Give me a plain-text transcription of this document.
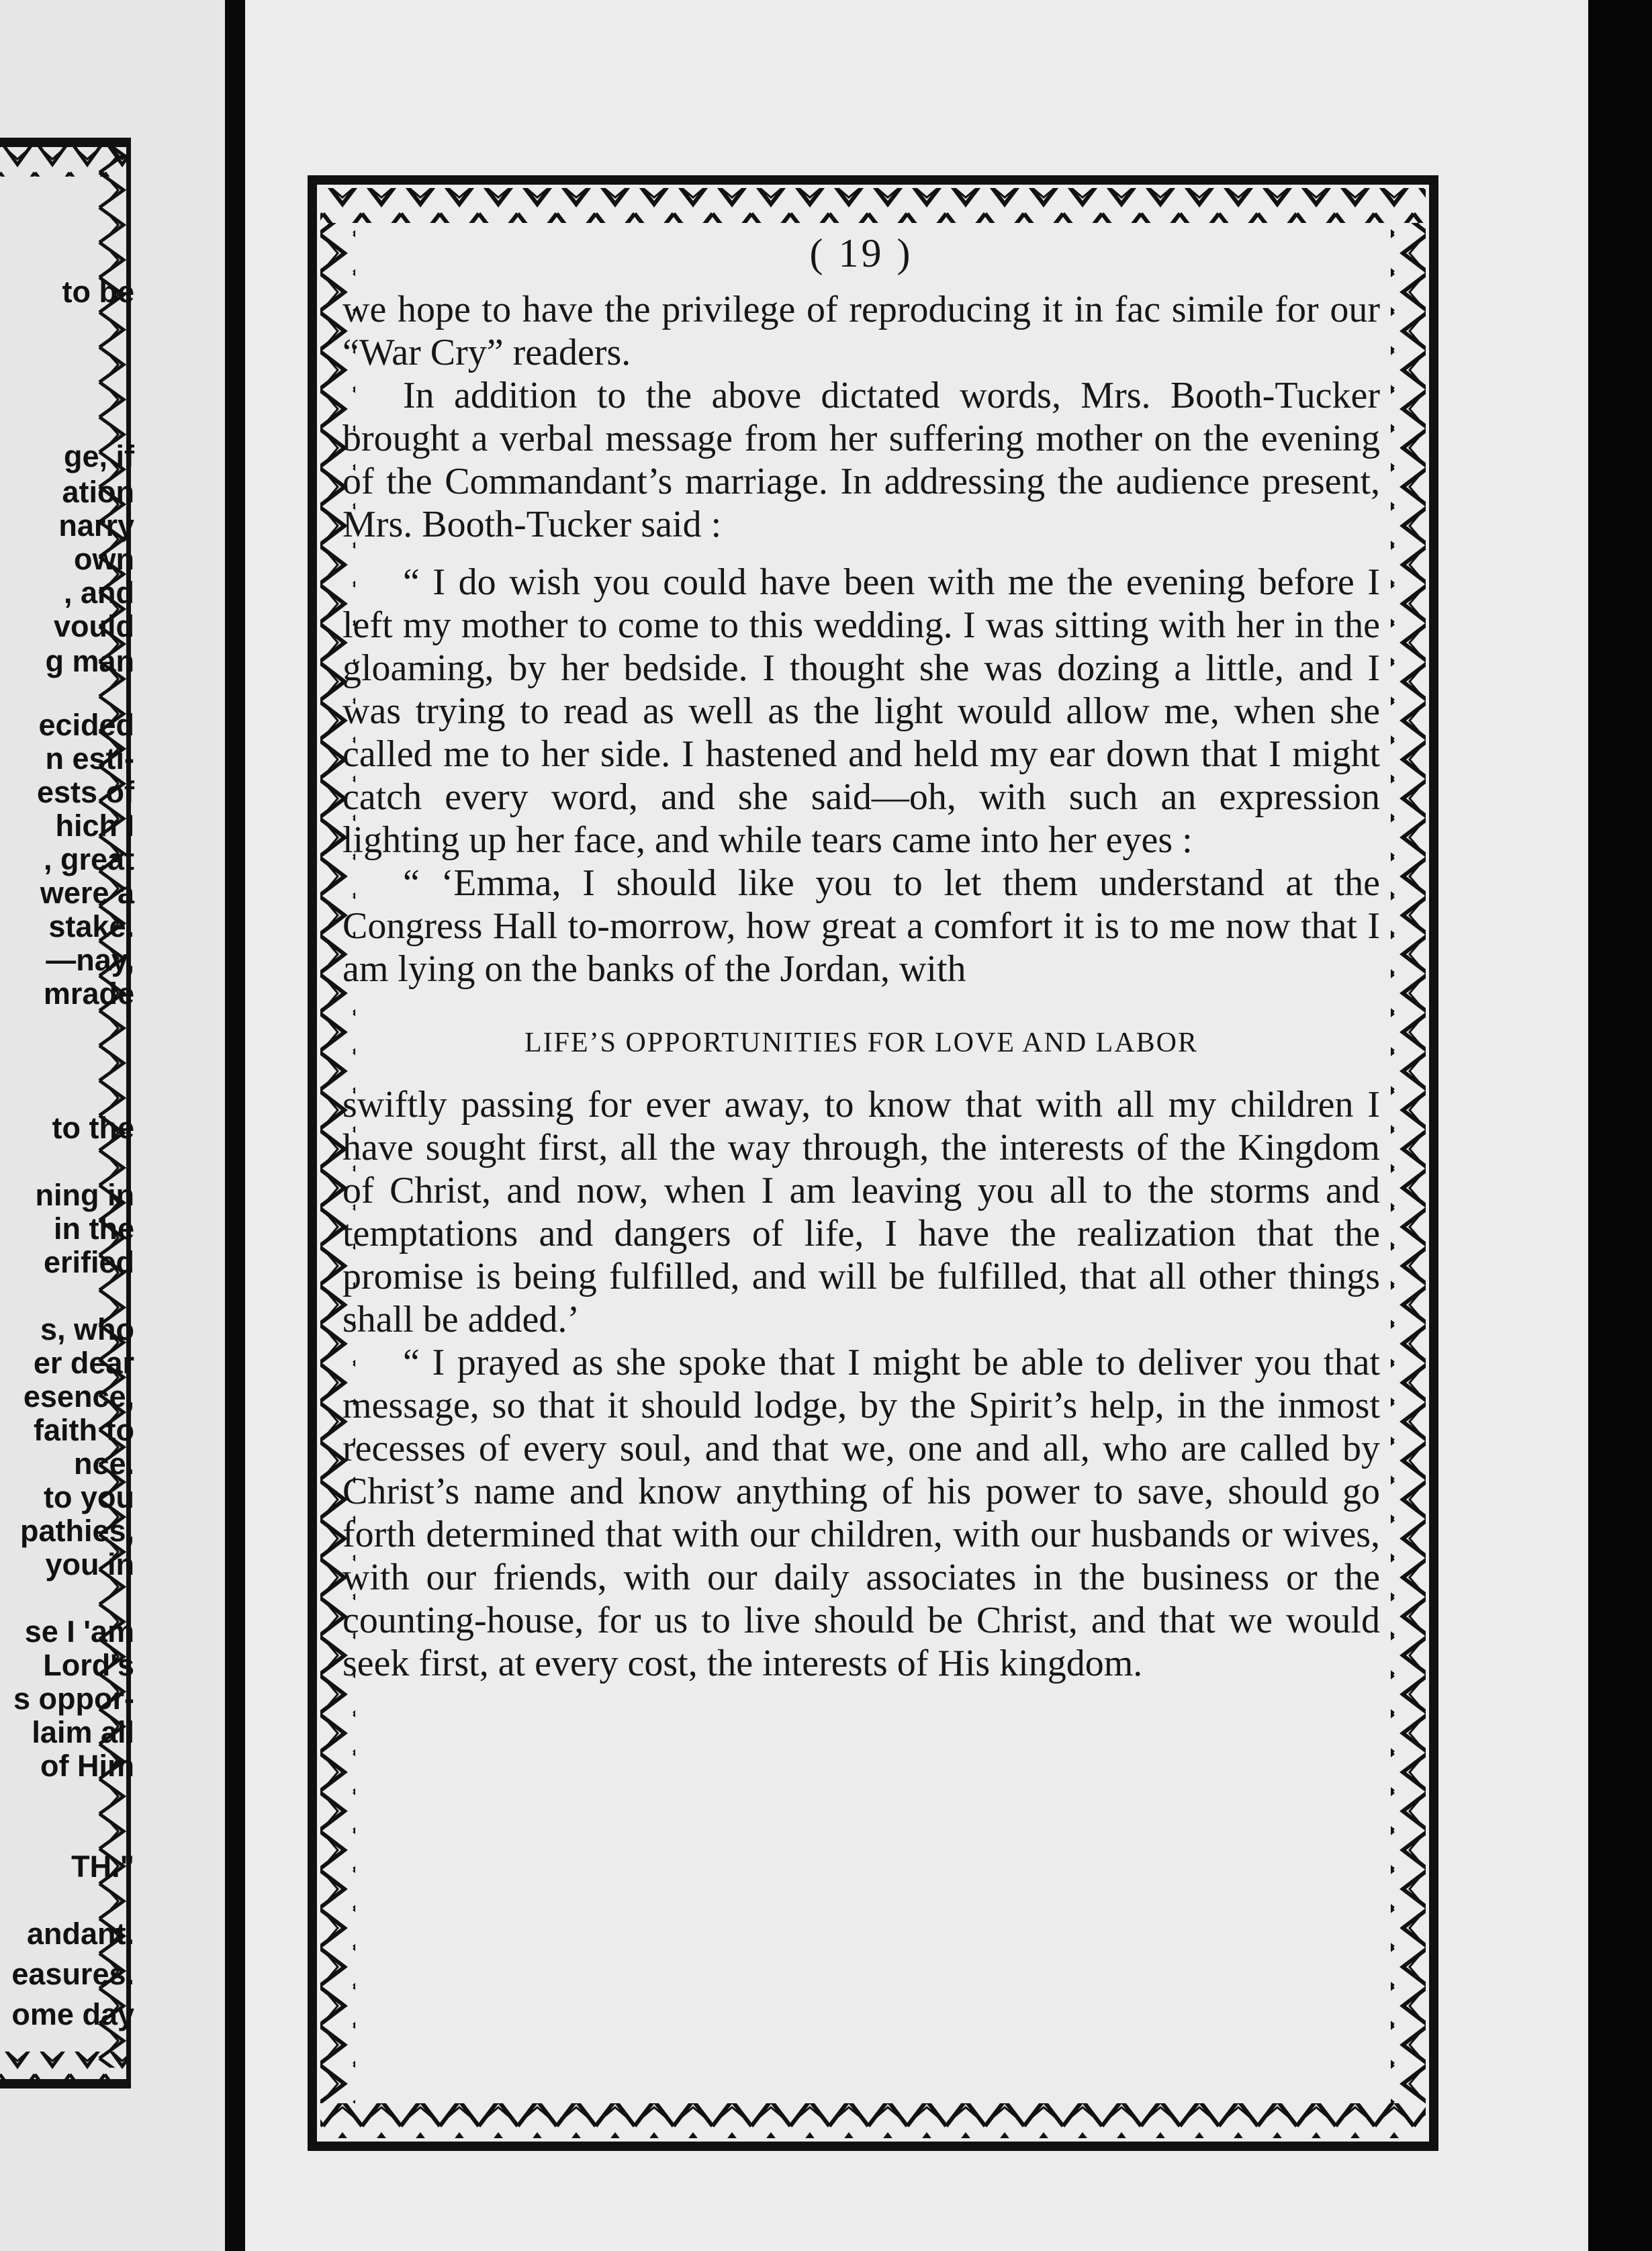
to be
ge, if
ation
narry
own
, and
vould
g man
ecided
n esti-
ests of
hich I
, great
were a
stake.
—nay,
mrade
to the
ning in
in the
erified
s, who
er dear
esence,
faith to
nce.
to you
pathies,
you in
se I 'am
Lord's
s oppor-
laim all
of Him
TH."
andant.
easures.
ome day
( 19 )

we hope to have the privilege of reproducing it in fac simile for our “War Cry” readers.

In addition to the above dictated words, Mrs. Booth-Tucker brought a verbal message from her suffering mother on the evening of the Commandant’s marriage. In addressing the audience present, Mrs. Booth-Tucker said :

“ I do wish you could have been with me the evening before I left my mother to come to this wedding. I was sitting with her in the gloaming, by her bedside. I thought she was dozing a little, and I was trying to read as well as the light would allow me, when she called me to her side. I hastened and held my ear down that I might catch every word, and she said—oh, with such an expression lighting up her face, and while tears came into her eyes :

“ ‘Emma, I should like you to let them understand at the Congress Hall to-morrow, how great a comfort it is to me now that I am lying on the banks of the Jordan, with

LIFE’S OPPORTUNITIES FOR LOVE AND LABOR

swiftly passing for ever away, to know that with all my children I have sought first, all the way through, the interests of the Kingdom of Christ, and now, when I am leaving you all to the storms and temptations and dangers of life, I have the realization that the promise is being fulfilled, and will be fulfilled, that all other things shall be added.’

“ I prayed as she spoke that I might be able to deliver you that message, so that it should lodge, by the Spirit’s help, in the inmost recesses of every soul, and that we, one and all, who are called by Christ’s name and know anything of his power to save, should go forth determined that with our children, with our husbands or wives, with our friends, with our daily associates in the business or the counting-house, for us to live should be Christ, and that we would seek first, at every cost, the interests of His kingdom.
